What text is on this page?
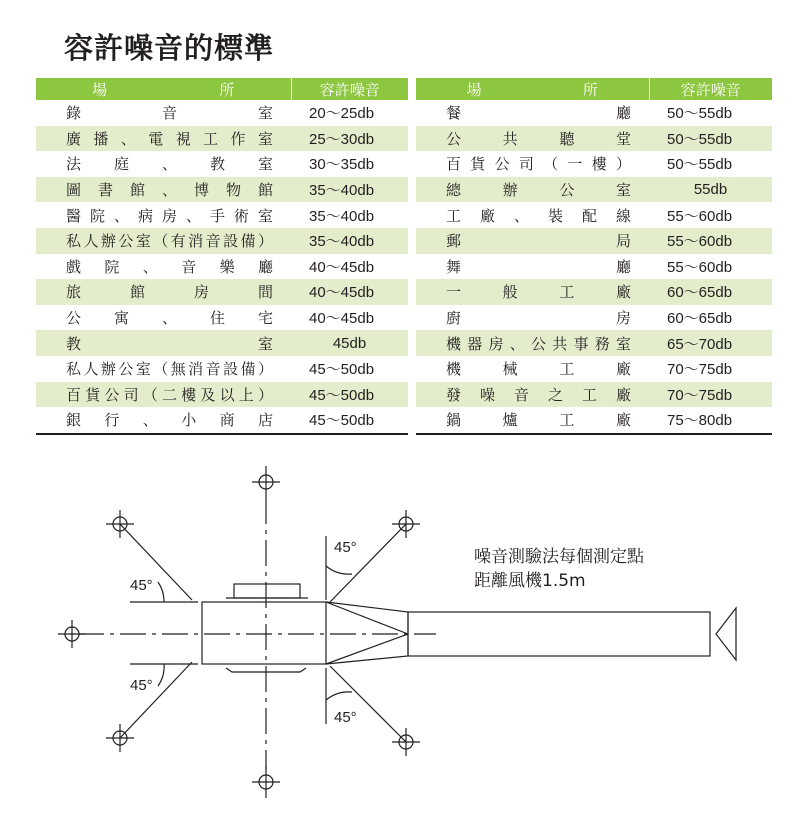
容許噪音的標準
場 所	容許噪音

錄音室	20～25db

廣播、電視工作室	25～30db

法庭、教室	30～35db

圖書館、博物館	35～40db

醫院、病房、手術室	35～40db

私人辦公室（有消音設備）	35～40db

戲院、音樂廳	40～45db

旅館房間	40～45db

公寓、住宅	40～45db

教室	45db

私人辦公室（無消音設備）	45～50db

百貨公司（二樓及以上）	45～50db

銀行、小商店	45～50db
場 所	容許噪音

餐廳	50～55db

公共聽堂	50～55db

百貨公司（一樓）	50～55db

總辦公室	55db

工廠、裝配線	55～60db

郵局	55～60db

舞廳	55～60db

一般工廠	60～65db

廚房	60～65db

機器房、公共事務室	65～70db

機械工廠	70～75db

發噪音之工廠	70～75db

鍋爐工廠	75～80db
45°
45°
45°
45°
噪音測驗法每個測定點
距離風機1.5m
